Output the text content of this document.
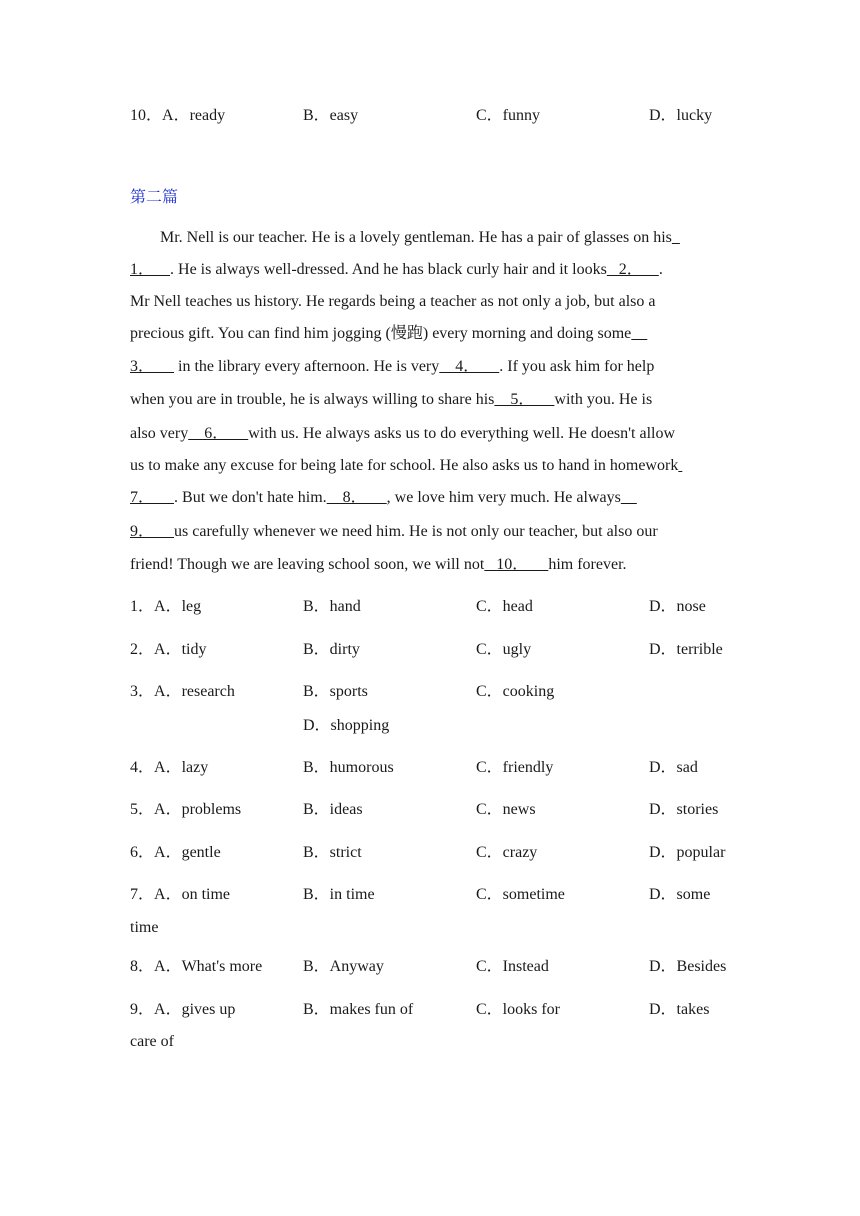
10．A．ready	B．easy	C．funny	D．lucky
第二篇
Mr. Nell is our teacher. He is a lovely gentleman. He has a pair of glasses on his
1．    . He is always well-dressed. And he has black curly hair and it looks   2．    .
Mr Nell teaches us history. He regards being a teacher as not only a job, but also a
precious gift. You can find him jogging (慢跑) every morning and doing some
3．      in the library every afternoon. He is very    4．     . If you ask him for help
when you are in trouble, he is always willing to share his    5．     with you. He is
also very    6．     with us. He always asks us to do everything well. He doesn't allow
us to make any excuse for being late for school. He also asks us to hand in homework
7．     . But we don't hate him.    8．     , we love him very much. He always
9．     us carefully whenever we need him. He is not only our teacher, but also our
friend! Though we are leaving school soon, we will not   10．     him forever.
1．A．leg	B．hand	C．head	D．nose
2．A．tidy	B．dirty	C．ugly	D．terrible
3．A．research	B．sports	C．cooking
D．shopping
4．A．lazy	B．humorous	C．friendly	D．sad
5．A．problems	B．ideas	C．news	D．stories
6．A．gentle	B．strict	C．crazy	D．popular
7．A．on time	B．in time	C．sometime	D．some
time
8．A．What's more	B．Anyway	C．Instead	D．Besides
9．A．gives up	B．makes fun of	C．looks for	D．takes
care of
